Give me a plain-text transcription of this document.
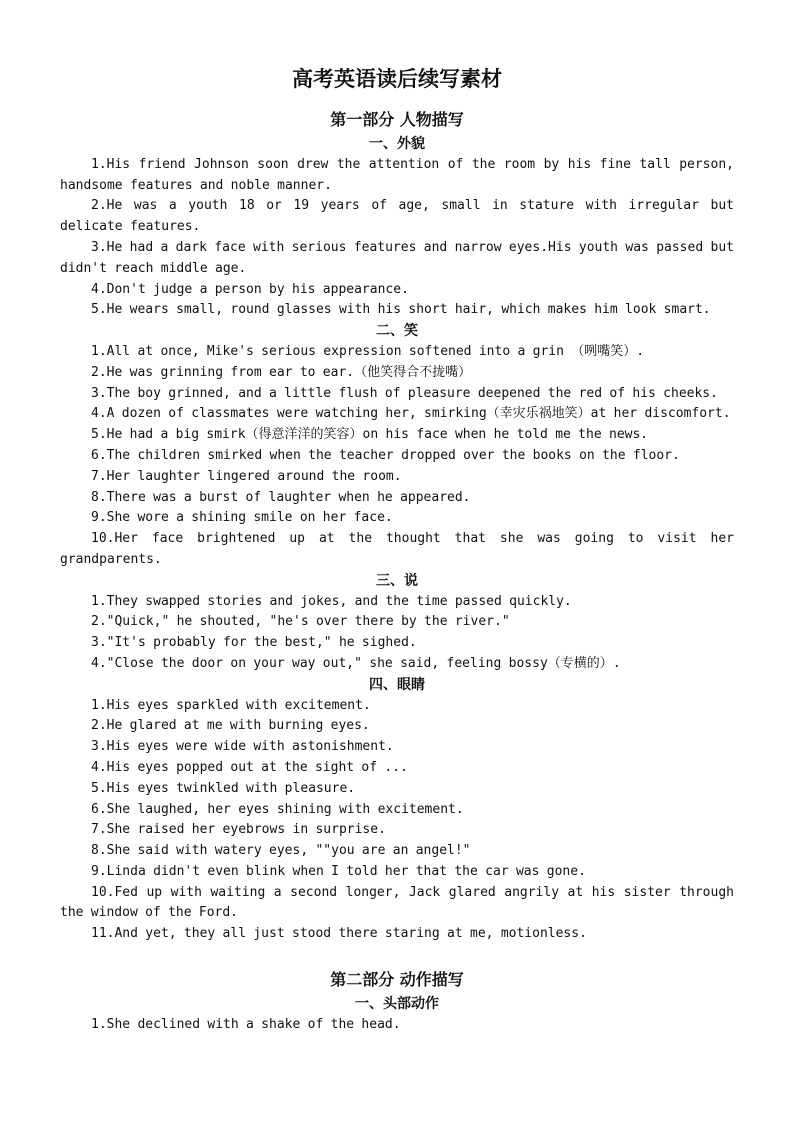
高考英语读后续写素材
第一部分 人物描写
一、外貌

1.His friend Johnson soon drew the attention of the room by his fine tall person, handsome features and noble manner.

2.He was a youth 18 or 19 years of age, small in stature with irregular but delicate features.

3.He had a dark face with serious features and narrow eyes.His youth was passed but didn't reach middle age.

4.Don't judge a person by his appearance.

5.He wears small, round glasses with his short hair, which makes him look smart.

二、笑

1.All at once, Mike's serious expression softened into a grin （咧嘴笑）.

2.He was grinning from ear to ear.（他笑得合不拢嘴）

3.The boy grinned, and a little flush of pleasure deepened the red of his cheeks.

4.A dozen of classmates were watching her, smirking（幸灾乐祸地笑）at her discomfort.

5.He had a big smirk（得意洋洋的笑容）on his face when he told me the news.

6.The children smirked when the teacher dropped over the books on the floor.

7.Her laughter lingered around the room.

8.There was a burst of laughter when he appeared.

9.She wore a shining smile on her face.

10.Her face brightened up at the thought that she was going to visit her grandparents.

三、说

1.They swapped stories and jokes, and the time passed quickly.

2."Quick," he shouted, "he's over there by the river."

3."It's probably for the best," he sighed.

4."Close the door on your way out," she said, feeling bossy（专横的）.

四、眼睛

1.His eyes sparkled with excitement.

2.He glared at me with burning eyes.

3.His eyes were wide with astonishment.

4.His eyes popped out at the sight of ...

5.His eyes twinkled with pleasure.

6.She laughed, her eyes shining with excitement.

7.She raised her eyebrows in surprise.

8.She said with watery eyes, ""you are an angel!"

9.Linda didn't even blink when I told her that the car was gone.

10.Fed up with waiting a second longer, Jack glared angrily at his sister through the window of the Ford.

11.And yet, they all just stood there staring at me, motionless.

第二部分 动作描写
一、头部动作

1.She declined with a shake of the head.
